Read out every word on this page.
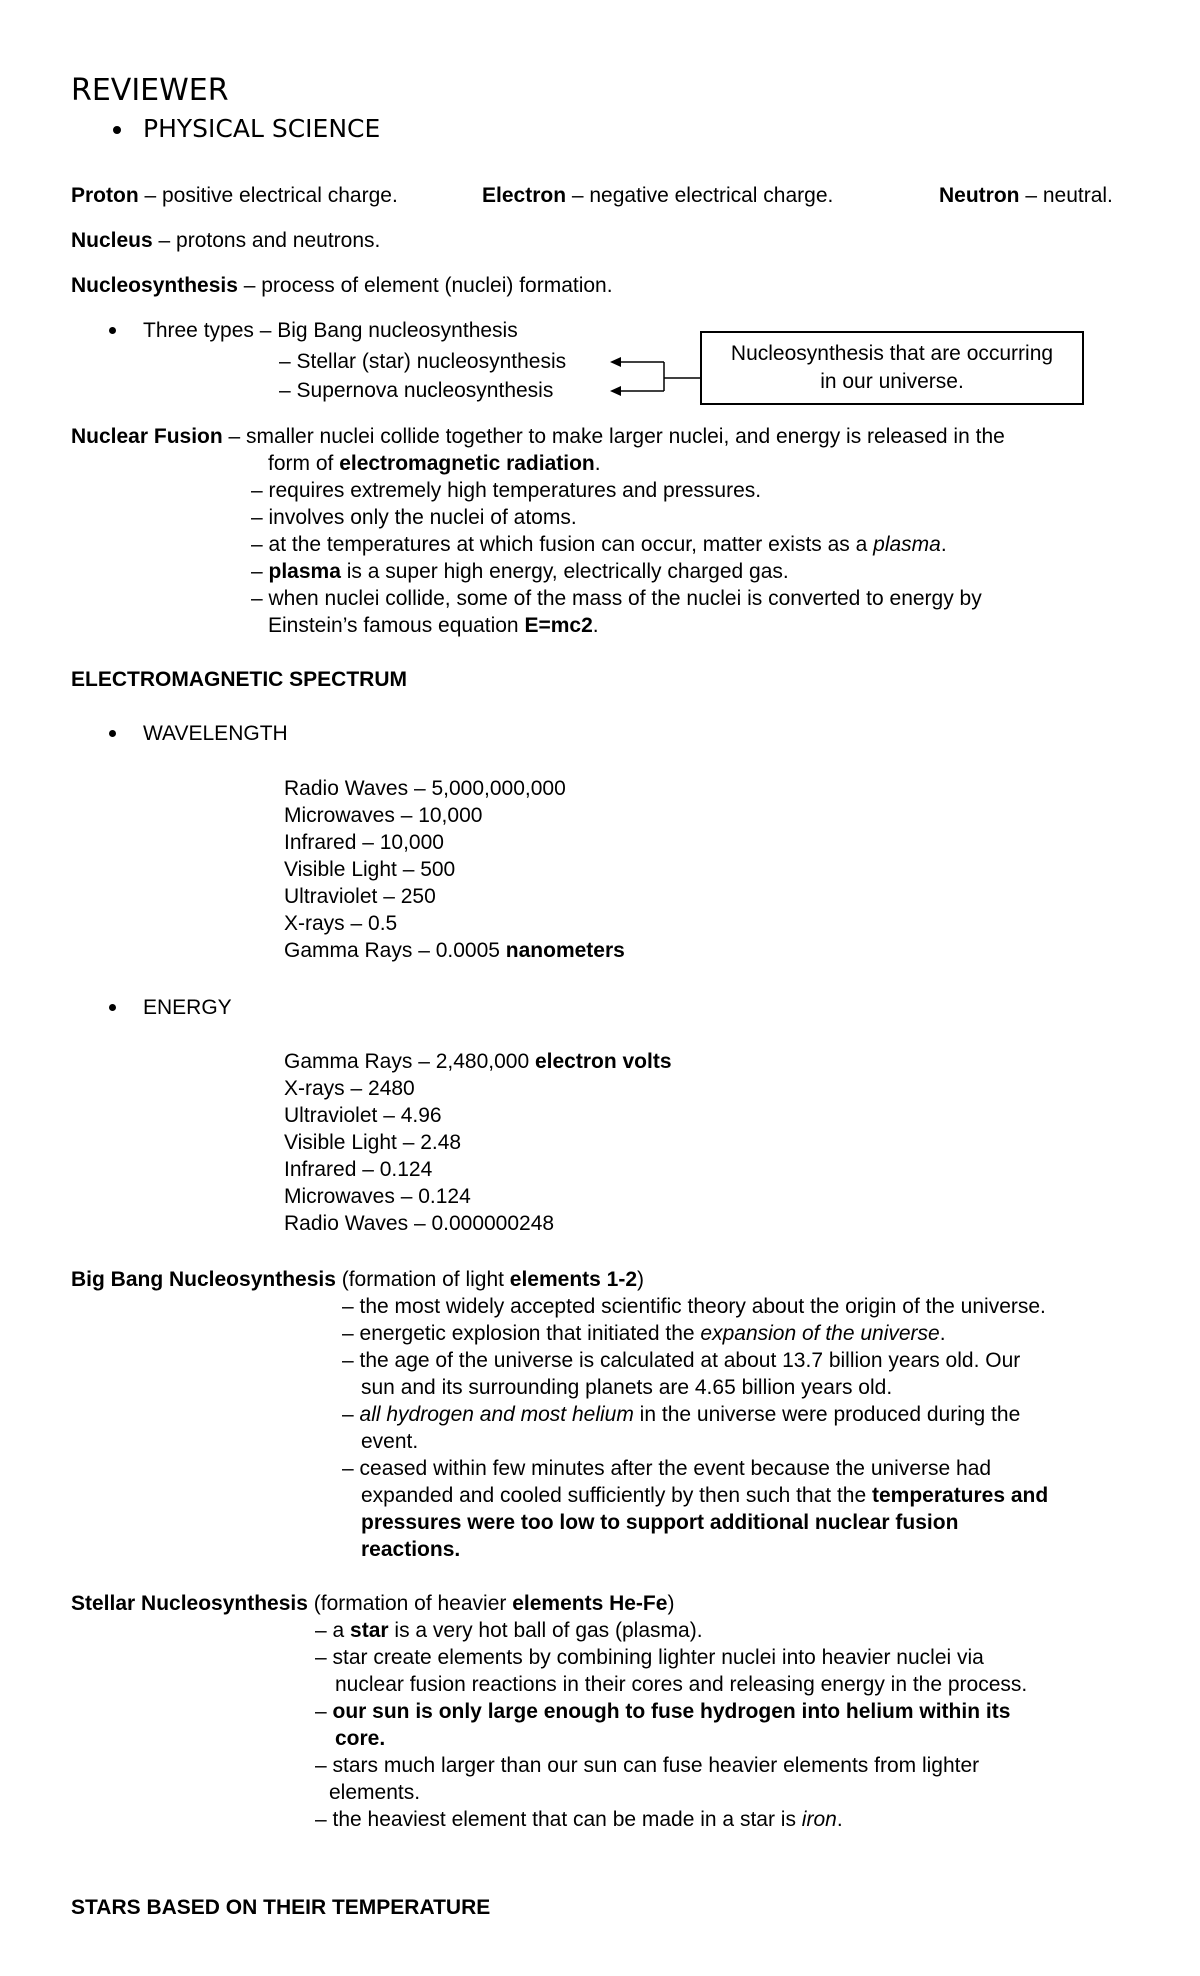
REVIEWER
PHYSICAL SCIENCE
Proton – positive electrical charge.	Electron – negative electrical charge.	Neutron – neutral.
Nucleus – protons and neutrons.
Nucleosynthesis – process of element (nuclei) formation.
Three types – Big Bang nucleosynthesis
– Stellar (star) nucleosynthesis
– Supernova nucleosynthesis
Nucleosynthesis that are occurring
in our universe.
Nuclear Fusion – smaller nuclei collide together to make larger nuclei, and energy is released in the
form of electromagnetic radiation.
– requires extremely high temperatures and pressures.
– involves only the nuclei of atoms.
– at the temperatures at which fusion can occur, matter exists as a plasma.
– plasma is a super high energy, electrically charged gas.
– when nuclei collide, some of the mass of the nuclei is converted to energy by
Einstein’s famous equation E=mc2.
ELECTROMAGNETIC SPECTRUM
WAVELENGTH
Radio Waves – 5,000,000,000
Microwaves – 10,000
Infrared – 10,000
Visible Light – 500
Ultraviolet – 250
X-rays – 0.5
Gamma Rays – 0.0005 nanometers
ENERGY
Gamma Rays – 2,480,000 electron volts
X-rays – 2480
Ultraviolet – 4.96
Visible Light – 2.48
Infrared – 0.124
Microwaves – 0.124
Radio Waves – 0.000000248
Big Bang Nucleosynthesis (formation of light elements 1-2)
– the most widely accepted scientific theory about the origin of the universe.
– energetic explosion that initiated the expansion of the universe.
– the age of the universe is calculated at about 13.7 billion years old. Our
sun and its surrounding planets are 4.65 billion years old.
– all hydrogen and most helium in the universe were produced during the
event.
– ceased within few minutes after the event because the universe had
expanded and cooled sufficiently by then such that the temperatures and
pressures were too low to support additional nuclear fusion
reactions.
Stellar Nucleosynthesis (formation of heavier elements He-Fe)
– a star is a very hot ball of gas (plasma).
– star create elements by combining lighter nuclei into heavier nuclei via
nuclear fusion reactions in their cores and releasing energy in the process.
– our sun is only large enough to fuse hydrogen into helium within its
core.
– stars much larger than our sun can fuse heavier elements from lighter
elements.
– the heaviest element that can be made in a star is iron.
STARS BASED ON THEIR TEMPERATURE
